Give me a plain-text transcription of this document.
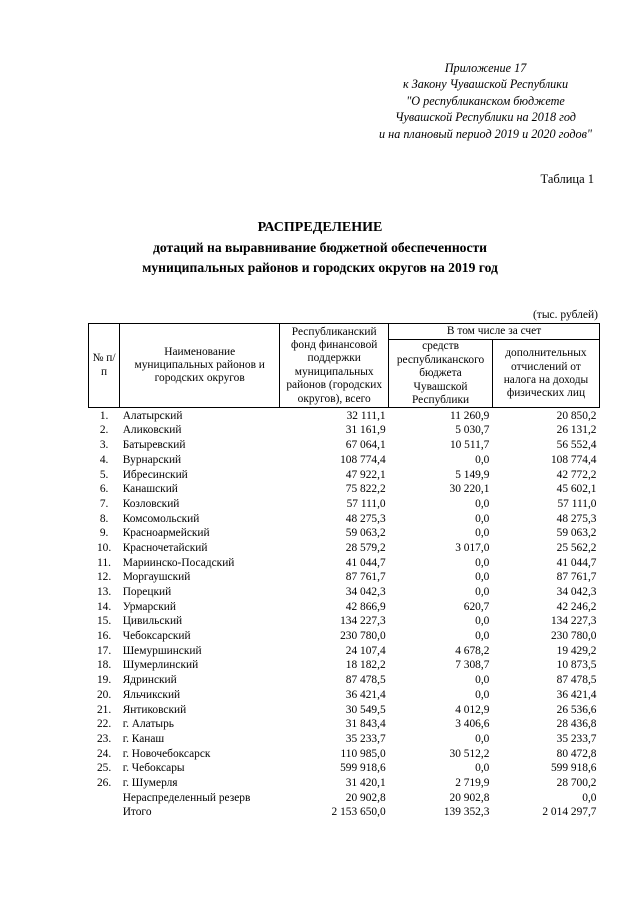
Приложение 17
к Закону Чувашской Республики
"О республиканском бюджете
Чувашской Республики на 2018 год
и на плановый период 2019 и 2020 годов"
Таблица 1
РАСПРЕДЕЛЕНИЕ
дотаций на выравнивание бюджетной обеспеченности
муниципальных районов и городских округов на 2019 год
(тыс. рублей)
№ п/п	Наименование муниципальных районов и городских округов	Республиканский фонд финансовой поддержки муниципальных районов (городских округов), всего	В том числе за счет	
			средств республиканского бюджета Чувашской Республики	дополнительных отчислений от налога на доходы физических лиц
1.	Алатырский	32 111,1	11 260,9	20 850,2
2.	Аликовский	31 161,9	5 030,7	26 131,2
3.	Батыревский	67 064,1	10 511,7	56 552,4
4.	Вурнарский	108 774,4	0,0	108 774,4
5.	Ибресинский	47 922,1	5 149,9	42 772,2
6.	Канашский	75 822,2	30 220,1	45 602,1
7.	Козловский	57 111,0	0,0	57 111,0
8.	Комсомольский	48 275,3	0,0	48 275,3
9.	Красноармейский	59 063,2	0,0	59 063,2
10.	Красночетайский	28 579,2	3 017,0	25 562,2
11.	Мариинско-Посадский	41 044,7	0,0	41 044,7
12.	Моргаушский	87 761,7	0,0	87 761,7
13.	Порецкий	34 042,3	0,0	34 042,3
14.	Урмарский	42 866,9	620,7	42 246,2
15.	Цивильский	134 227,3	0,0	134 227,3
16.	Чебоксарский	230 780,0	0,0	230 780,0
17.	Шемуршинский	24 107,4	4 678,2	19 429,2
18.	Шумерлинский	18 182,2	7 308,7	10 873,5
19.	Ядринский	87 478,5	0,0	87 478,5
20.	Яльчикский	36 421,4	0,0	36 421,4
21.	Янтиковский	30 549,5	4 012,9	26 536,6
22.	г. Алатырь	31 843,4	3 406,6	28 436,8
23.	г. Канаш	35 233,7	0,0	35 233,7
24.	г. Новочебоксарск	110 985,0	30 512,2	80 472,8
25.	г. Чебоксары	599 918,6	0,0	599 918,6
26.	г. Шумерля	31 420,1	2 719,9	28 700,2
	Нераспределенный резерв	20 902,8	20 902,8	0,0
	Итого	2 153 650,0	139 352,3	2 014 297,7
